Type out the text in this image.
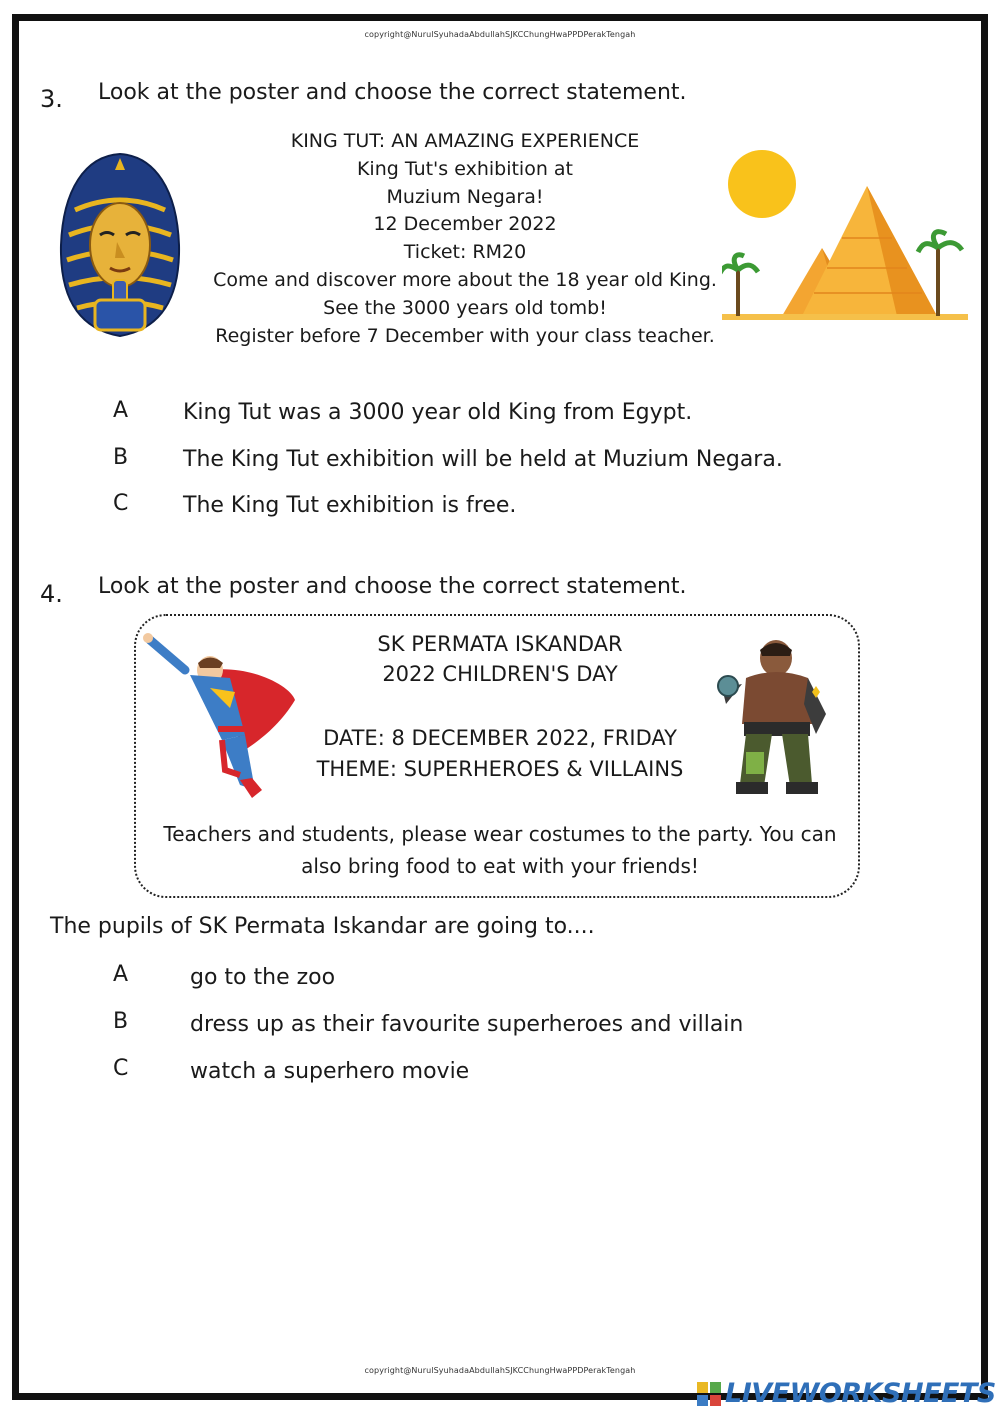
copyright@NurulSyuhadaAbdullahSJKCChungHwaPPDPerakTengah
3. Look at the poster and choose the correct statement.
KING TUT: AN AMAZING EXPERIENCE
King Tut's exhibition at
Muzium Negara!
12 December 2022
Ticket: RM20
Come and discover more about the 18 year old King.
See the 3000 years old tomb!
Register before 7 December with your class teacher.
A King Tut was a 3000 year old King from Egypt.
B The King Tut exhibition will be held at Muzium Negara.
C The King Tut exhibition is free.
4. Look at the poster and choose the correct statement.
SK PERMATA ISKANDAR
2022 CHILDREN'S DAY
DATE: 8 DECEMBER 2022, FRIDAY
THEME: SUPERHEROES & VILLAINS
Teachers and students, please wear costumes to the party. You can also bring food to eat with your friends!
The pupils of SK Permata Iskandar are going to....
A	go to the zoo
B	dress up as their favourite superheroes and villain
C	watch a superhero movie
copyright@NurulSyuhadaAbdullahSJKCChungHwaPPDPerakTengah
LIVEWORKSHEETS
